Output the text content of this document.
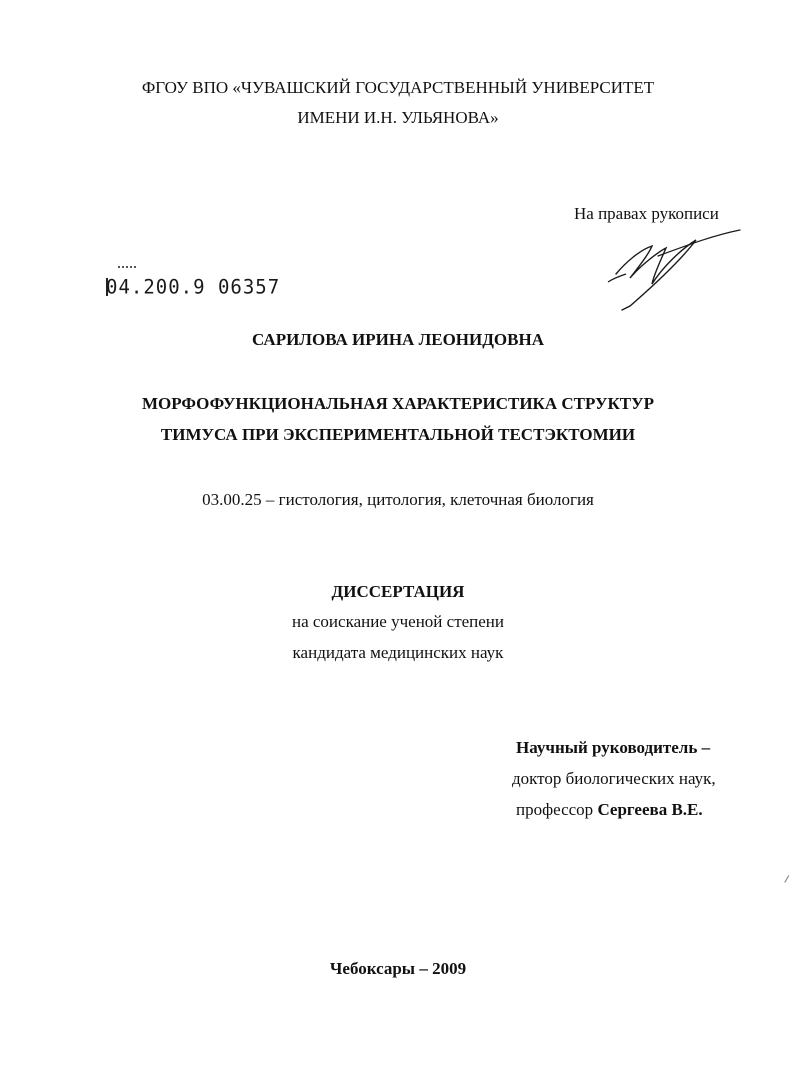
ФГОУ ВПО «ЧУВАШСКИЙ ГОСУДАРСТВЕННЫЙ УНИВЕРСИТЕТ
ИМЕНИ И.Н. УЛЬЯНОВА»
На правах рукописи
04.200.9 06357
САРИЛОВА ИРИНА ЛЕОНИДОВНА
МОРФОФУНКЦИОНАЛЬНАЯ ХАРАКТЕРИСТИКА СТРУКТУР
ТИМУСА ПРИ ЭКСПЕРИМЕНТАЛЬНОЙ ТЕСТЭКТОМИИ
03.00.25 – гистология, цитология, клеточная биология
ДИССЕРТАЦИЯ
на соискание ученой степени
кандидата медицинских наук
Научный руководитель –
доктор биологических наук,
профессор Сергеева В.Е.
Чебоксары – 2009
